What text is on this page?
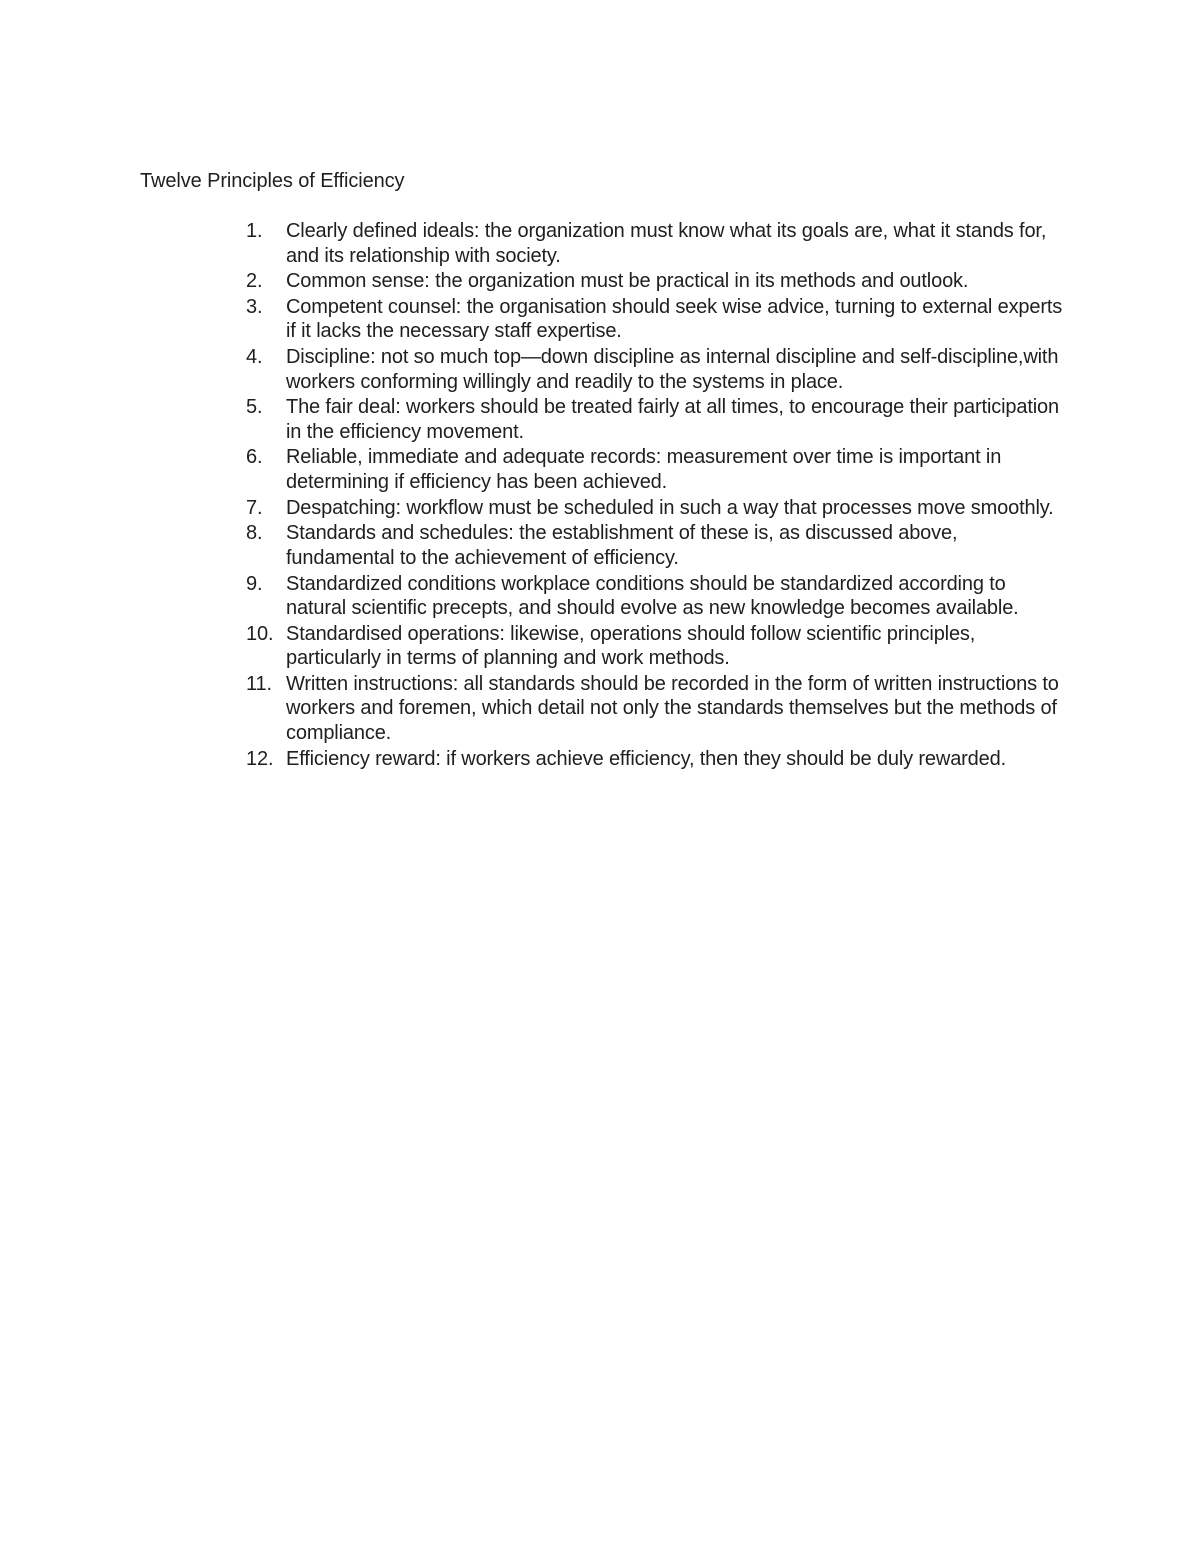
Twelve Principles of Efficiency
1.	Clearly defined ideals: the organization must know what its goals are, what it stands for, and its relationship with society.
2.	Common sense: the organization must be practical in its methods and outlook.
3.	Competent counsel: the organisation should seek wise advice, turning to external experts if it lacks the necessary staff expertise.
4.	Discipline: not so much top—down discipline as internal discipline and self-discipline,with workers conforming willingly and readily to the systems in place.
5.	The fair deal: workers should be treated fairly at all times, to encourage their participation in the efficiency movement.
6.	Reliable, immediate and adequate records: measurement over time is important in determining if efficiency has been achieved.
7.	Despatching: workflow must be scheduled in such a way that processes move smoothly.
8.	Standards and schedules: the establishment of these is, as discussed above, fundamental to the achievement of efficiency.
9.	Standardized conditions workplace conditions should be standardized according to natural scientific precepts, and should evolve as new knowledge becomes available.
10. Standardised operations: likewise, operations should follow scientific principles, particularly in terms of planning and work methods.
11. Written instructions: all standards should be recorded in the form of written instructions to workers and foremen, which detail not only the standards themselves but the methods of compliance.
12. Efficiency reward: if workers achieve efficiency, then they should be duly rewarded.
